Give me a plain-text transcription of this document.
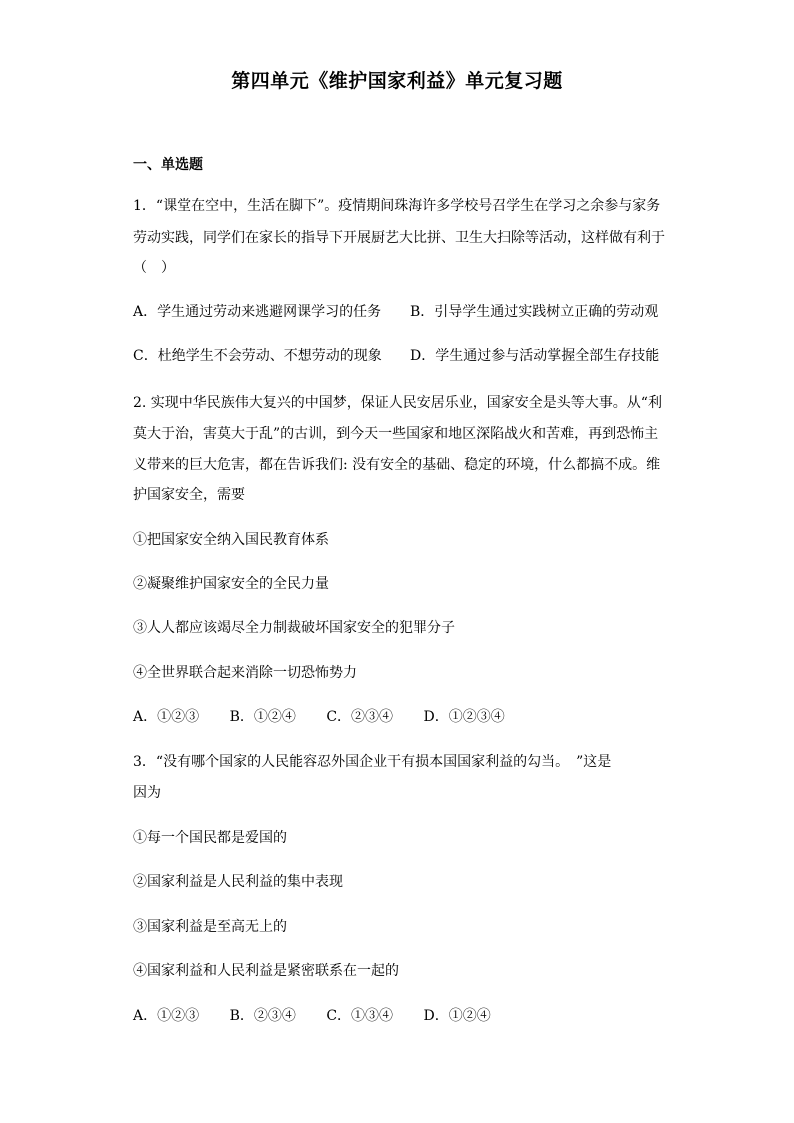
第四单元《维护国家利益》单元复习题
一、单选题
1．“课堂在空中，生活在脚下”。疫情期间珠海许多学校号召学生在学习之余参与家务
劳动实践，同学们在家长的指导下开展厨艺大比拼、卫生大扫除等活动，这样做有利于
（　）
A．学生通过劳动来逃避网课学习的任务 B．引导学生通过实践树立正确的劳动观
C．杜绝学生不会劳动、不想劳动的现象 D．学生通过参与活动掌握全部生存技能
2. 实现中华民族伟大复兴的中国梦，保证人民安居乐业，国家安全是头等大事。从“利
莫大于治，害莫大于乱”的古训，到今天一些国家和地区深陷战火和苦难，再到恐怖主
义带来的巨大危害，都在告诉我们: 没有安全的基础、稳定的环境，什么都搞不成。维
护国家安全，需要
①把国家安全纳入国民教育体系
②凝聚维护国家安全的全民力量
③人人都应该竭尽全力制裁破坏国家安全的犯罪分子
④全世界联合起来消除一切恐怖势力
A．①②③ B．①②④ C．②③④ D．①②③④
3．“没有哪个国家的人民能容忍外国企业干有损本国国家利益的勾当。　”这是
因为
①每一个国民都是爱国的
②国家利益是人民利益的集中表现
③国家利益是至高无上的
④国家利益和人民利益是紧密联系在一起的
A．①②③ B．②③④ C．①③④ D．①②④
